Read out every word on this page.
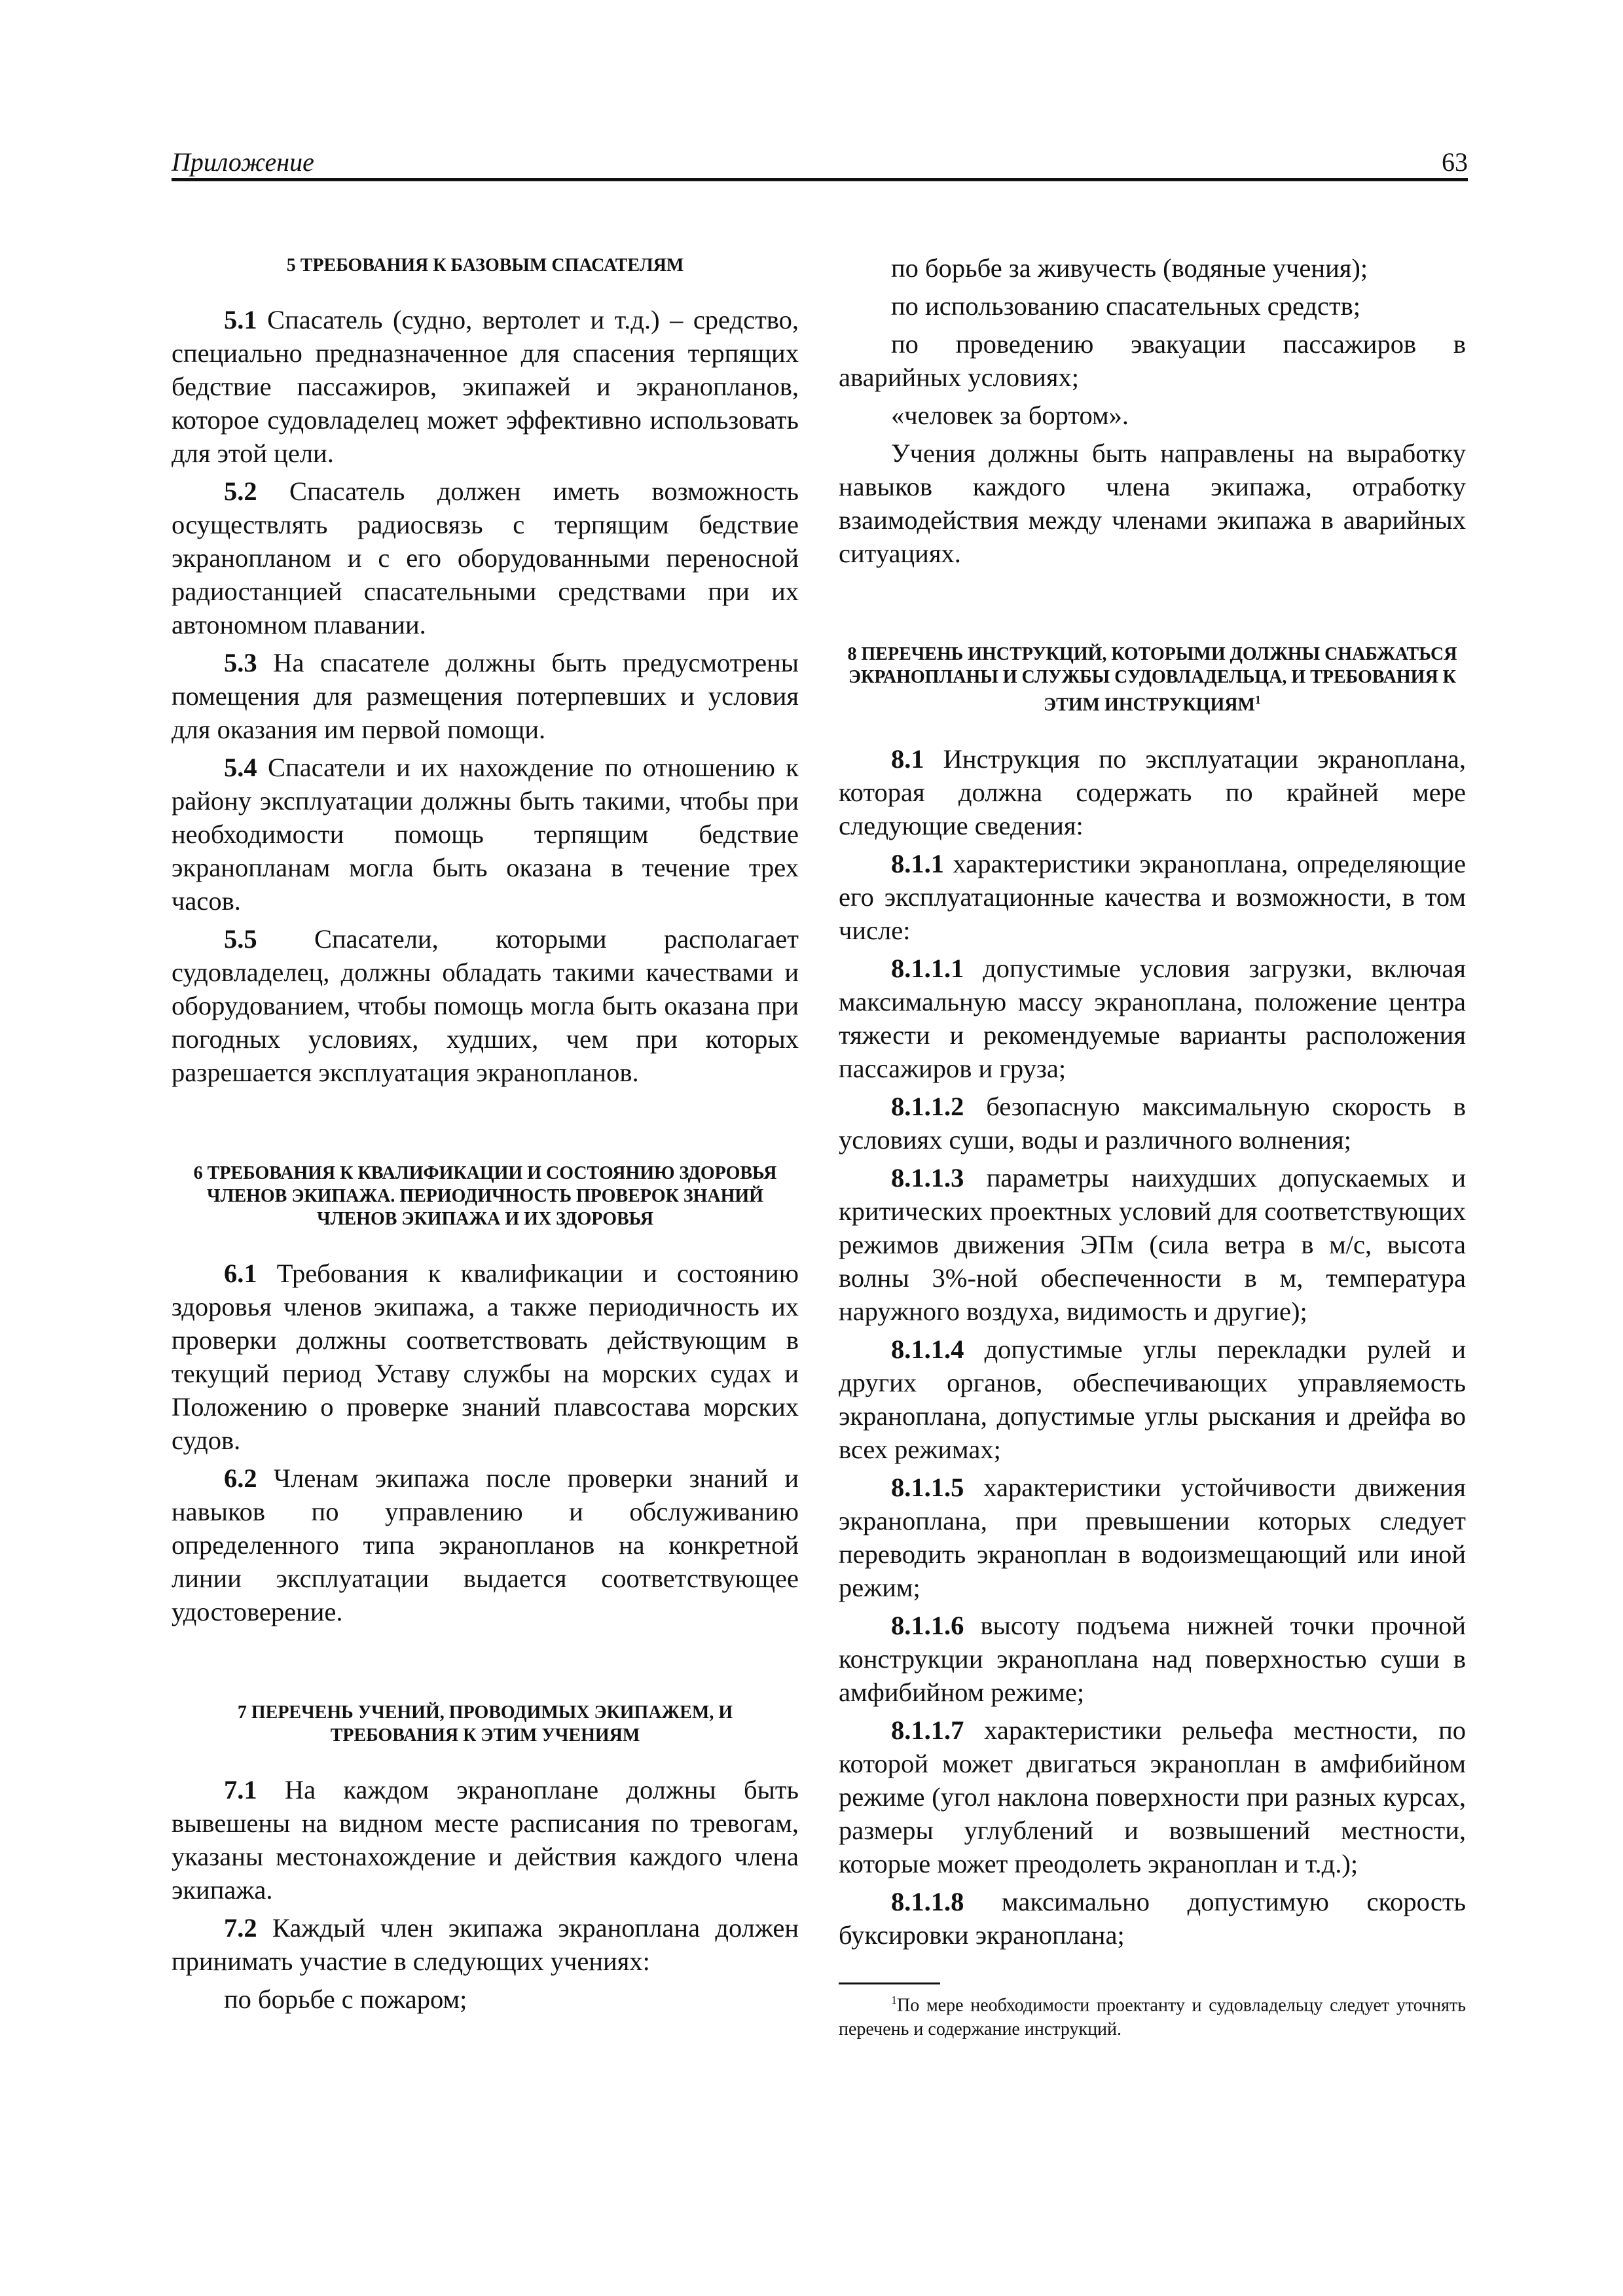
Приложение	63
5 ТРЕБОВАНИЯ К БАЗОВЫМ СПАСАТЕЛЯМ

5.1 Спасатель (судно, вертолет и т.д.) – средство, специально предназначенное для спасения терпящих бедствие пассажиров, экипажей и экранопланов, которое судовладелец может эффективно использовать для этой цели.

5.2 Спасатель должен иметь возможность осуществлять радиосвязь с терпящим бедствие экранопланом и с его оборудованными переносной радиостанцией спасательными средствами при их автономном плавании.

5.3 На спасателе должны быть предусмотрены помещения для размещения потерпевших и условия для оказания им первой помощи.

5.4 Спасатели и их нахождение по отношению к району эксплуатации должны быть такими, чтобы при необходимости помощь терпящим бедствие экранопланам могла быть оказана в течение трех часов.

5.5 Спасатели, которыми располагает судовладелец, должны обладать такими качествами и оборудованием, чтобы помощь могла быть оказана при погодных условиях, худших, чем при которых разрешается эксплуатация экранопланов.

6 ТРЕБОВАНИЯ К КВАЛИФИКАЦИИ И СОСТОЯНИЮ ЗДОРОВЬЯ ЧЛЕНОВ ЭКИПАЖА. ПЕРИОДИЧНОСТЬ ПРОВЕРОК ЗНАНИЙ ЧЛЕНОВ ЭКИПАЖА И ИХ ЗДОРОВЬЯ

6.1 Требования к квалификации и состоянию здоровья членов экипажа, а также периодичность их проверки должны соответствовать действующим в текущий период Уставу службы на морских судах и Положению о проверке знаний плавсостава морских судов.

6.2 Членам экипажа после проверки знаний и навыков по управлению и обслуживанию определенного типа экранопланов на конкретной линии эксплуатации выдается соответствующее удостоверение.

7 ПЕРЕЧЕНЬ УЧЕНИЙ, ПРОВОДИМЫХ ЭКИПАЖЕМ, И ТРЕБОВАНИЯ К ЭТИМ УЧЕНИЯМ

7.1 На каждом экраноплане должны быть вывешены на видном месте расписания по тревогам, указаны местонахождение и действия каждого члена экипажа.

7.2 Каждый член экипажа экраноплана должен принимать участие в следующих учениях:

по борьбе с пожаром;

по борьбе за живучесть (водяные учения);

по использованию спасательных средств;

по проведению эвакуации пассажиров в аварийных условиях;

«человек за бортом».

Учения должны быть направлены на выработку навыков каждого члена экипажа, отработку взаимодействия между членами экипажа в аварийных ситуациях.

8 ПЕРЕЧЕНЬ ИНСТРУКЦИЙ, КОТОРЫМИ ДОЛЖНЫ СНАБЖАТЬСЯ ЭКРАНОПЛАНЫ И СЛУЖБЫ СУДОВЛАДЕЛЬЦА, И ТРЕБОВАНИЯ К ЭТИМ ИНСТРУКЦИЯМ$^1$

8.1 Инструкция по эксплуатации экраноплана, которая должна содержать по крайней мере следующие сведения:

8.1.1 характеристики экраноплана, определяющие его эксплуатационные качества и возможности, в том числе:

8.1.1.1 допустимые условия загрузки, включая максимальную массу экраноплана, положение центра тяжести и рекомендуемые варианты расположения пассажиров и груза;

8.1.1.2 безопасную максимальную скорость в условиях суши, воды и различного волнения;

8.1.1.3 параметры наихудших допускаемых и критических проектных условий для соответствующих режимов движения ЭПм (сила ветра в м/с, высота волны 3%-ной обеспеченности в м, температура наружного воздуха, видимость и другие);

8.1.1.4 допустимые углы перекладки рулей и других органов, обеспечивающих управляемость экраноплана, допустимые углы рыскания и дрейфа во всех режимах;

8.1.1.5 характеристики устойчивости движения экраноплана, при превышении которых следует переводить экраноплан в водоизмещающий или иной режим;

8.1.1.6 высоту подъема нижней точки прочной конструкции экраноплана над поверхностью суши в амфибийном режиме;

8.1.1.7 характеристики рельефа местности, по которой может двигаться экраноплан в амфибийном режиме (угол наклона поверхности при разных курсах, размеры углублений и возвышений местности, которые может преодолеть экраноплан и т.д.);

8.1.1.8 максимально допустимую скорость буксировки экраноплана;

$^1$По мере необходимости проектанту и судовладельцу следует уточнять перечень и содержание инструкций.
